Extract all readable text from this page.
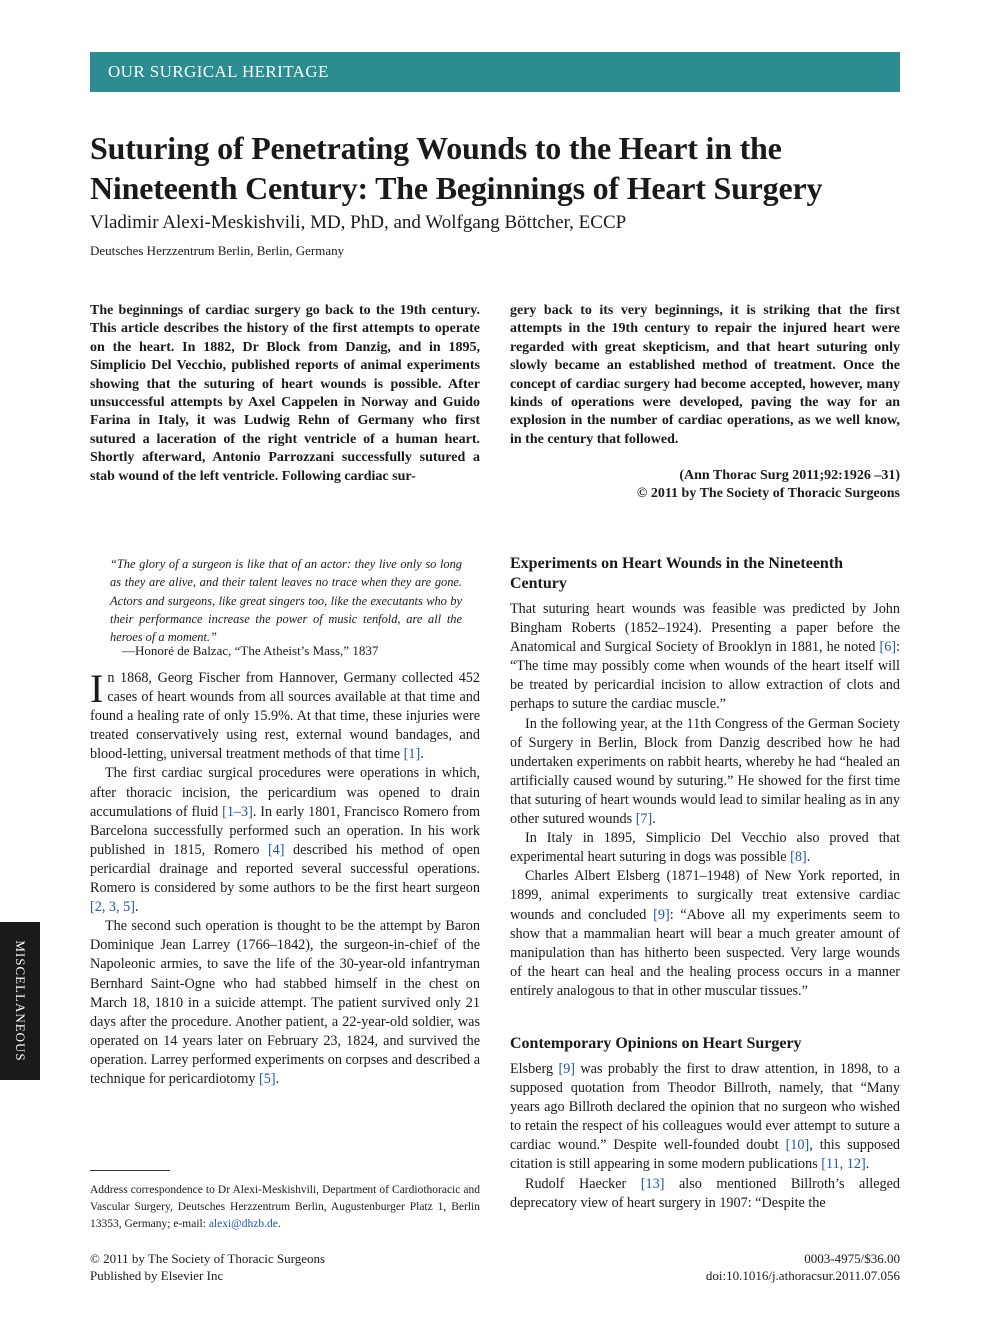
OUR SURGICAL HERITAGE
Suturing of Penetrating Wounds to the Heart in the
Nineteenth Century: The Beginnings of Heart Surgery
Vladimir Alexi-Meskishvili, MD, PhD, and Wolfgang Böttcher, ECCP
Deutsches Herzzentrum Berlin, Berlin, Germany

The beginnings of cardiac surgery go back to the 19th century. This article describes the history of the first attempts to operate on the heart. In 1882, Dr Block from Danzig, and in 1895, Simplicio Del Vecchio, published reports of animal experiments showing that the suturing of heart wounds is possible. After unsuccessful attempts by Axel Cappelen in Norway and Guido Farina in Italy, it was Ludwig Rehn of Germany who first sutured a laceration of the right ventricle of a human heart. Shortly afterward, Antonio Parrozzani successfully sutured a stab wound of the left ventricle. Following cardiac sur-

gery back to its very beginnings, it is striking that the first attempts in the 19th century to repair the injured heart were regarded with great skepticism, and that heart suturing only slowly became an established method of treatment. Once the concept of cardiac surgery had become accepted, however, many kinds of operations were developed, paving the way for an explosion in the number of cardiac operations, as we well know, in the century that followed.

(Ann Thorac Surg 2011;92:1926 –31)
© 2011 by The Society of Thoracic Surgeons

“The glory of a surgeon is like that of an actor: they live only so long as they are alive, and their talent leaves no trace when they are gone. Actors and surgeons, like great singers too, like the executants who by their performance increase the power of music tenfold, are all the heroes of a moment.”

—Honoré de Balzac, “The Atheist’s Mass,” 1837

In 1868, Georg Fischer from Hannover, Germany collected 452 cases of heart wounds from all sources available at that time and found a healing rate of only 15.9%. At that time, these injuries were treated conservatively using rest, external wound bandages, and blood-letting, universal treatment methods of that time [1].

The first cardiac surgical procedures were operations in which, after thoracic incision, the pericardium was opened to drain accumulations of fluid [1–3]. In early 1801, Francisco Romero from Barcelona successfully performed such an operation. In his work published in 1815, Romero [4] described his method of open pericardial drainage and reported several successful operations. Romero is considered by some authors to be the first heart surgeon [2, 3, 5].

The second such operation is thought to be the attempt by Baron Dominique Jean Larrey (1766–1842), the surgeon-in-chief of the Napoleonic armies, to save the life of the 30-year-old infantryman Bernhard Saint-Ogne who had stabbed himself in the chest on March 18, 1810 in a suicide attempt. The patient survived only 21 days after the procedure. Another patient, a 22-year-old soldier, was operated on 14 years later on February 23, 1824, and survived the operation. Larrey performed experiments on corpses and described a technique for pericardiotomy [5].

Experiments on Heart Wounds in the Nineteenth Century

That suturing heart wounds was feasible was predicted by John Bingham Roberts (1852–1924). Presenting a paper before the Anatomical and Surgical Society of Brooklyn in 1881, he noted [6]: “The time may possibly come when wounds of the heart itself will be treated by pericardial incision to allow extraction of clots and perhaps to suture the cardiac muscle.”

In the following year, at the 11th Congress of the German Society of Surgery in Berlin, Block from Danzig described how he had undertaken experiments on rabbit hearts, whereby he had “healed an artificially caused wound by suturing.” He showed for the first time that suturing of heart wounds would lead to similar healing as in any other sutured wounds [7].

In Italy in 1895, Simplicio Del Vecchio also proved that experimental heart suturing in dogs was possible [8].

Charles Albert Elsberg (1871–1948) of New York reported, in 1899, animal experiments to surgically treat extensive cardiac wounds and concluded [9]: “Above all my experiments seem to show that a mammalian heart will bear a much greater amount of manipulation than has hitherto been suspected. Very large wounds of the heart can heal and the healing process occurs in a manner entirely analogous to that in other muscular tissues.”

Contemporary Opinions on Heart Surgery

Elsberg [9] was probably the first to draw attention, in 1898, to a supposed quotation from Theodor Billroth, namely, that “Many years ago Billroth declared the opinion that no surgeon who wished to retain the respect of his colleagues would ever attempt to suture a cardiac wound.” Despite well-founded doubt [10], this supposed citation is still appearing in some modern publications [11, 12].

Rudolf Haecker [13] also mentioned Billroth’s alleged deprecatory view of heart surgery in 1907: “Despite the

Address correspondence to Dr Alexi-Meskishvili, Department of Cardiothoracic and Vascular Surgery, Deutsches Herzzentrum Berlin, Augustenburger Platz 1, Berlin 13353, Germany; e-mail: alexi@dhzb.de.
© 2011 by The Society of Thoracic Surgeons
Published by Elsevier Inc
0003-4975/$36.00
doi:10.1016/j.athoracsur.2011.07.056
MISCELLANEOUS
